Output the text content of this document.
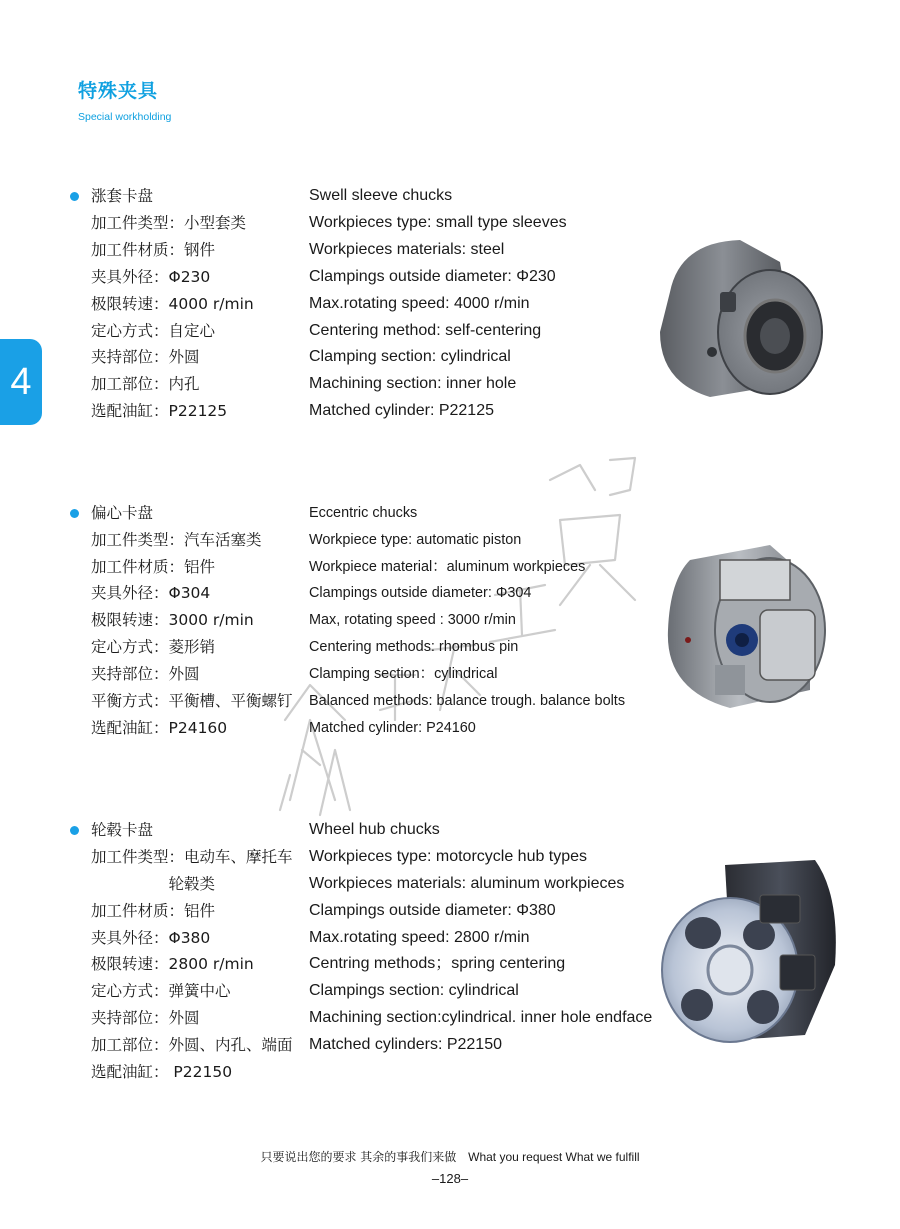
特殊夹具
Special workholding
4
涨套卡盘	Swell sleeve chucks
加工件类型：小型套类	Workpieces type: small type sleeves
加工件材质：钢件	Workpieces materials: steel
夹具外径：Φ230	Clampings outside diameter: Φ230
极限转速：4000 r/min	Max.rotating speed: 4000 r/min
定心方式：自定心	Centering method: self-centering
夹持部位：外圆	Clamping section: cylindrical
加工部位：内孔	Machining section: inner hole
选配油缸：P22125	Matched cylinder: P22125
偏心卡盘	Eccentric chucks
加工件类型：汽车活塞类	Workpiece type: automatic piston
加工件材质：铝件	Workpiece material：aluminum workpieces
夹具外径：Φ304	Clampings outside diameter: Φ304
极限转速：3000 r/min	Max, rotating speed : 3000 r/min
定心方式：菱形销	Centering methods: rhombus pin
夹持部位：外圆	Clamping section：cylindrical
平衡方式：平衡槽、平衡螺钉 Balanced methods: balance trough. balance bolts
选配油缸：P24160	Matched cylinder: P24160
轮毂卡盘	Wheel hub chucks
加工件类型：电动车、摩托车 Workpieces type: motorcycle hub types
　　　　　轮毂类	Workpieces materials: aluminum workpieces
加工件材质：铝件	Clampings outside diameter: Φ380
夹具外径：Φ380	Max.rotating speed: 2800 r/min
极限转速：2800 r/min	Centring methods；spring centering
定心方式：弹簧中心	Clampings section: cylindrical
夹持部位：外圆	Machining section:cylindrical. inner hole endface
加工部位：外圆、内孔、端面 Matched cylinders: P22150
选配油缸： P22150
只要说出您的要求 其余的事我们来做 What you request What we fulfill
–128–
